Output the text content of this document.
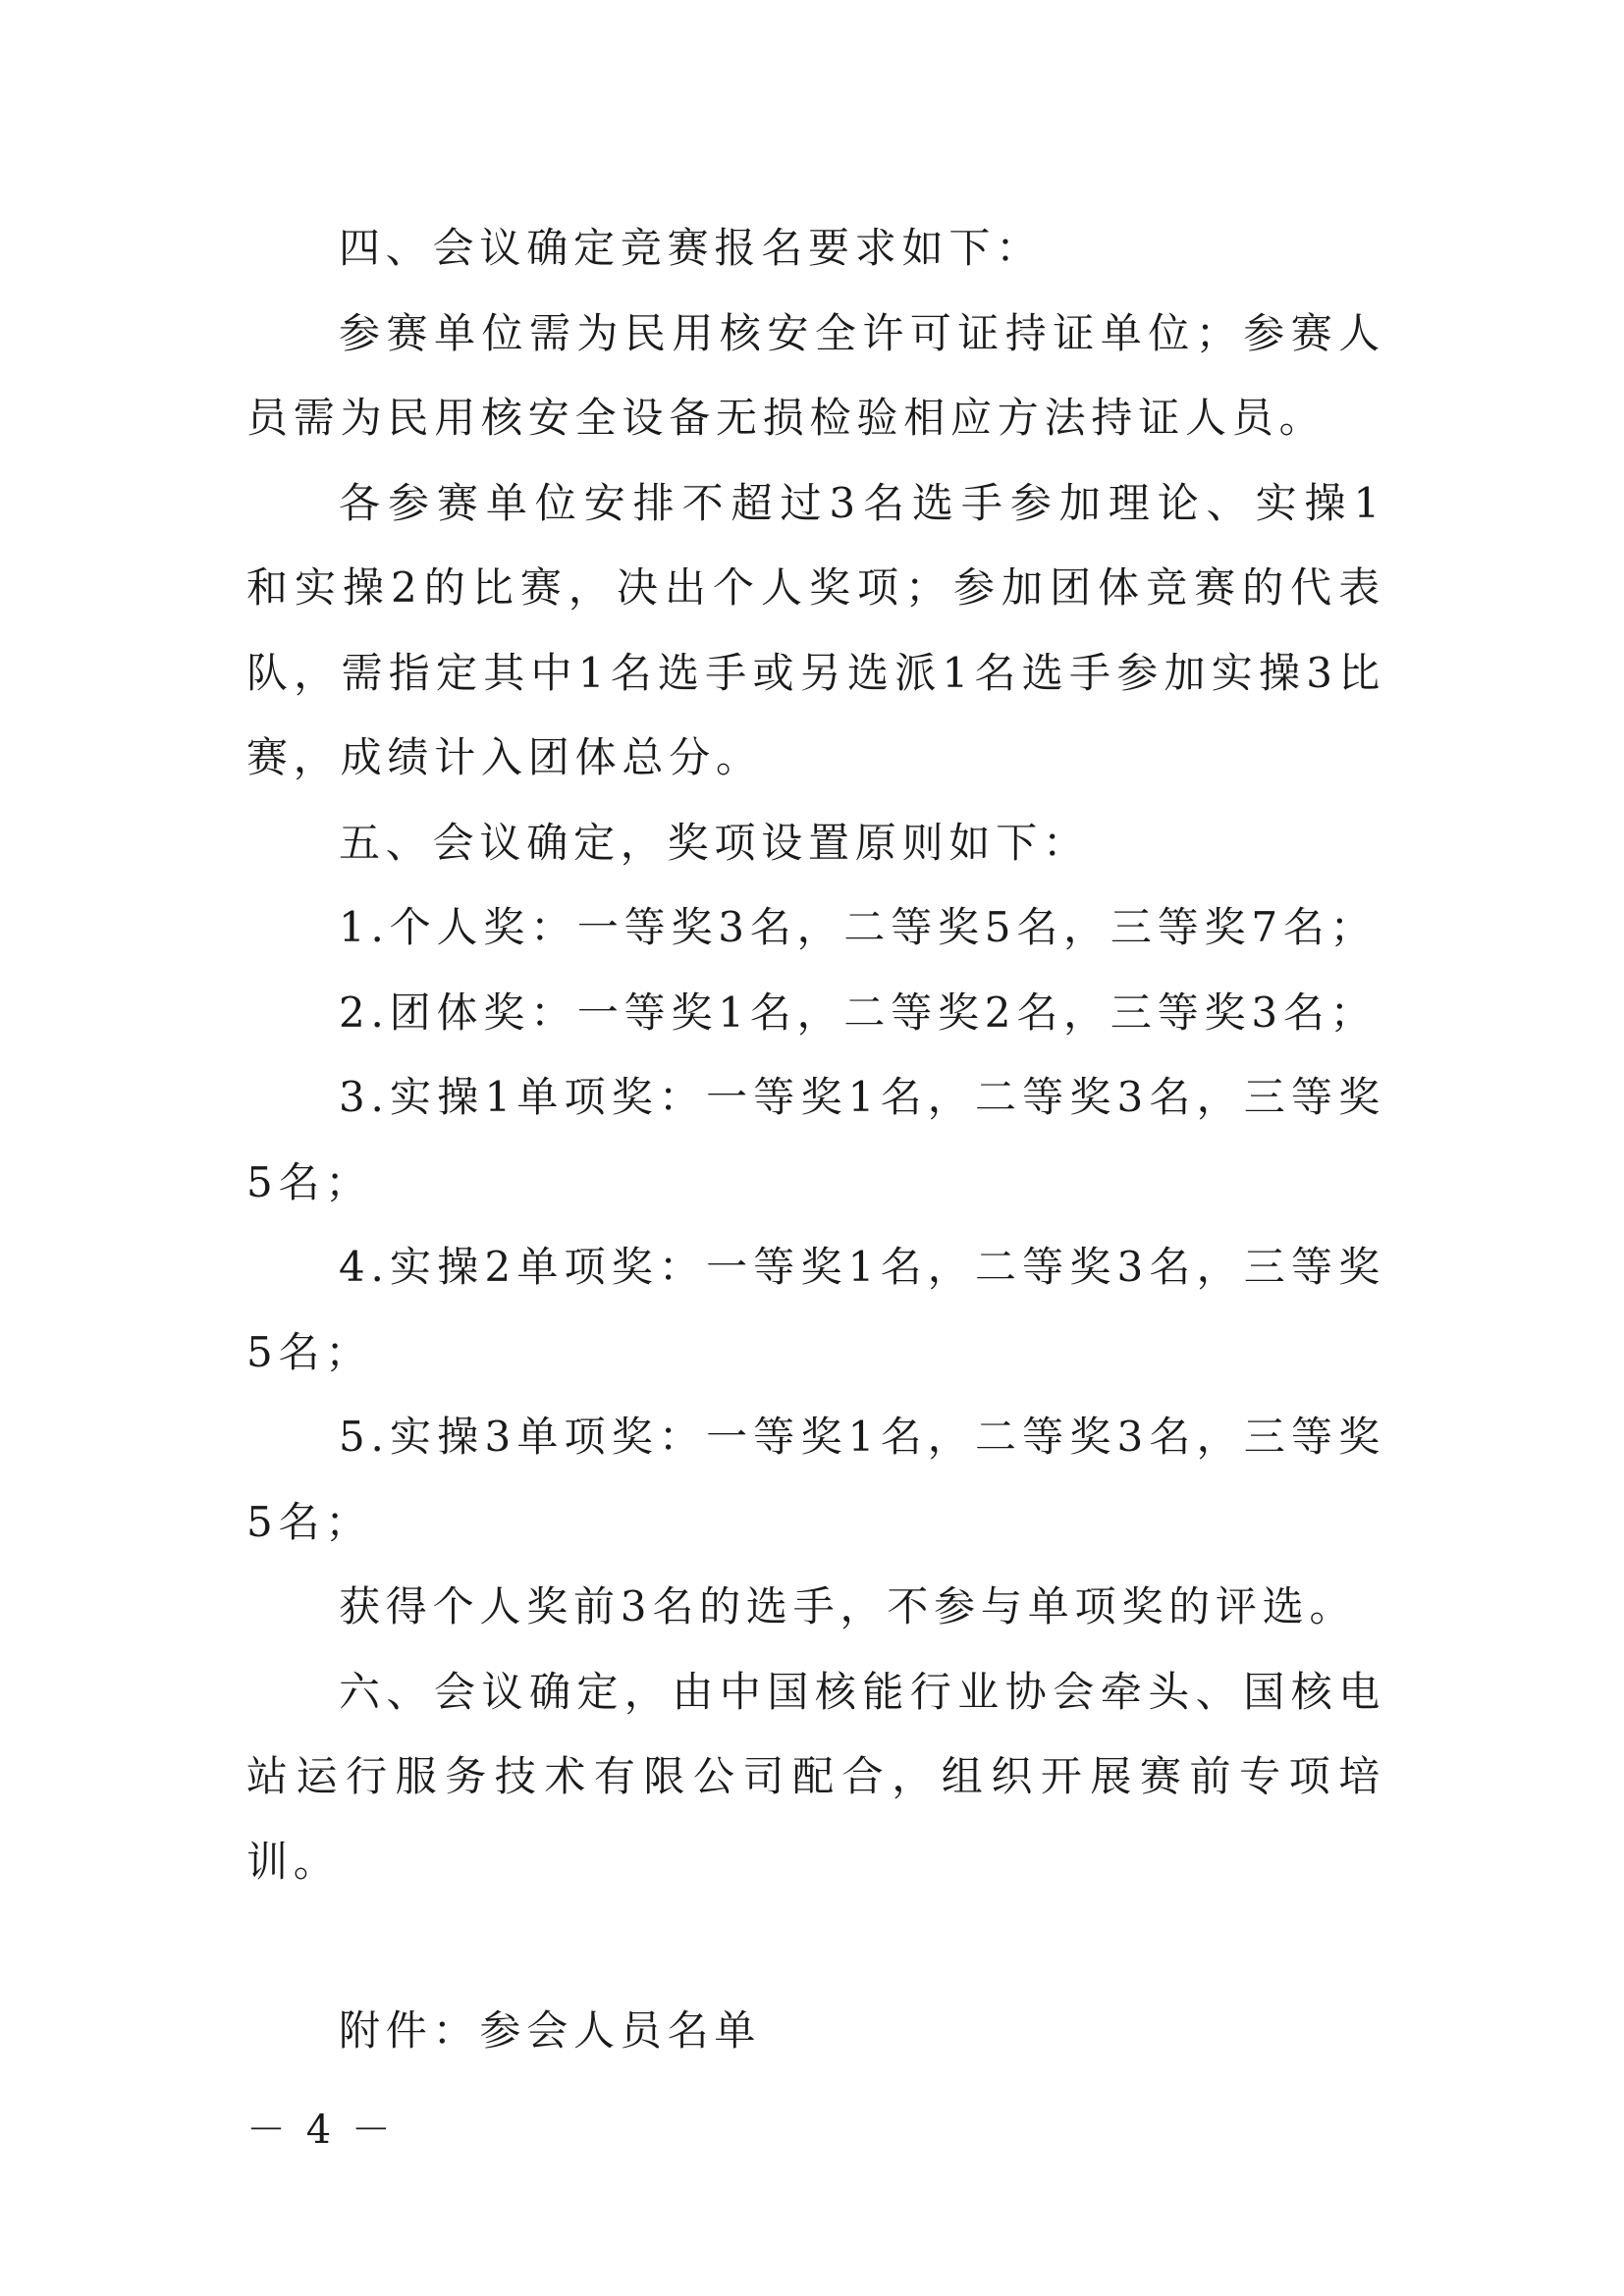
四、会议确定竞赛报名要求如下：

参赛单位需为民用核安全许可证持证单位；参赛人员需为民用核安全设备无损检验相应方法持证人员。

各参赛单位安排不超过3名选手参加理论、实操1和实操2的比赛，决出个人奖项；参加团体竞赛的代表队，需指定其中1名选手或另选派1名选手参加实操3比赛，成绩计入团体总分。

五、会议确定，奖项设置原则如下：

1.个人奖：一等奖3名，二等奖5名，三等奖7名；

2.团体奖：一等奖1名，二等奖2名，三等奖3名；

3.实操1单项奖：一等奖1名，二等奖3名，三等奖5名；

4.实操2单项奖：一等奖1名，二等奖3名，三等奖5名；

5.实操3单项奖：一等奖1名，二等奖3名，三等奖5名；

获得个人奖前3名的选手，不参与单项奖的评选。

六、会议确定，由中国核能行业协会牵头、国核电站运行服务技术有限公司配合，组织开展赛前专项培训。

附件：参会人员名单

－ 4 －
